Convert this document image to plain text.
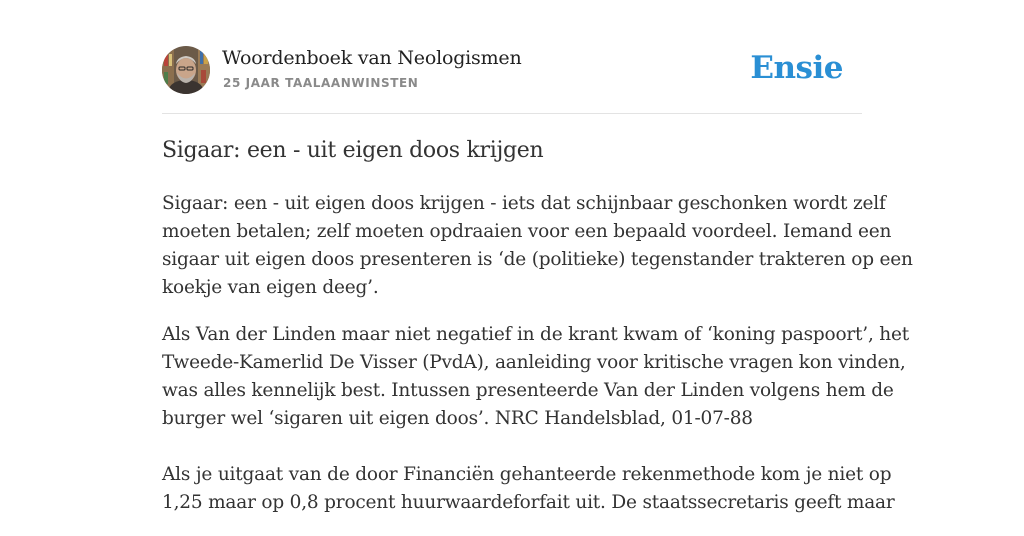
Woordenboek van Neologismen
25 JAAR TAALAANWINSTEN	Ensie
Sigaar: een - uit eigen doos krijgen

Sigaar: een - uit eigen doos krijgen - iets dat schijnbaar geschonken wordt zelf
moeten betalen; zelf moeten opdraaien voor een bepaald voordeel. Iemand een
sigaar uit eigen doos presenteren is ‘de (politieke) tegenstander trakteren op een
koekje van eigen deeg’.

Als Van der Linden maar niet negatief in de krant kwam of ‘koning paspoort’, het
Tweede-Kamerlid De Visser (PvdA), aanleiding voor kritische vragen kon vinden,
was alles kennelijk best. Intussen presenteerde Van der Linden volgens hem de
burger wel ‘sigaren uit eigen doos’. NRC Handelsblad, 01-07-88

Als je uitgaat van de door Financiën gehanteerde rekenmethode kom je niet op
1,25 maar op 0,8 procent huurwaardeforfait uit. De staatssecretaris geeft maar
